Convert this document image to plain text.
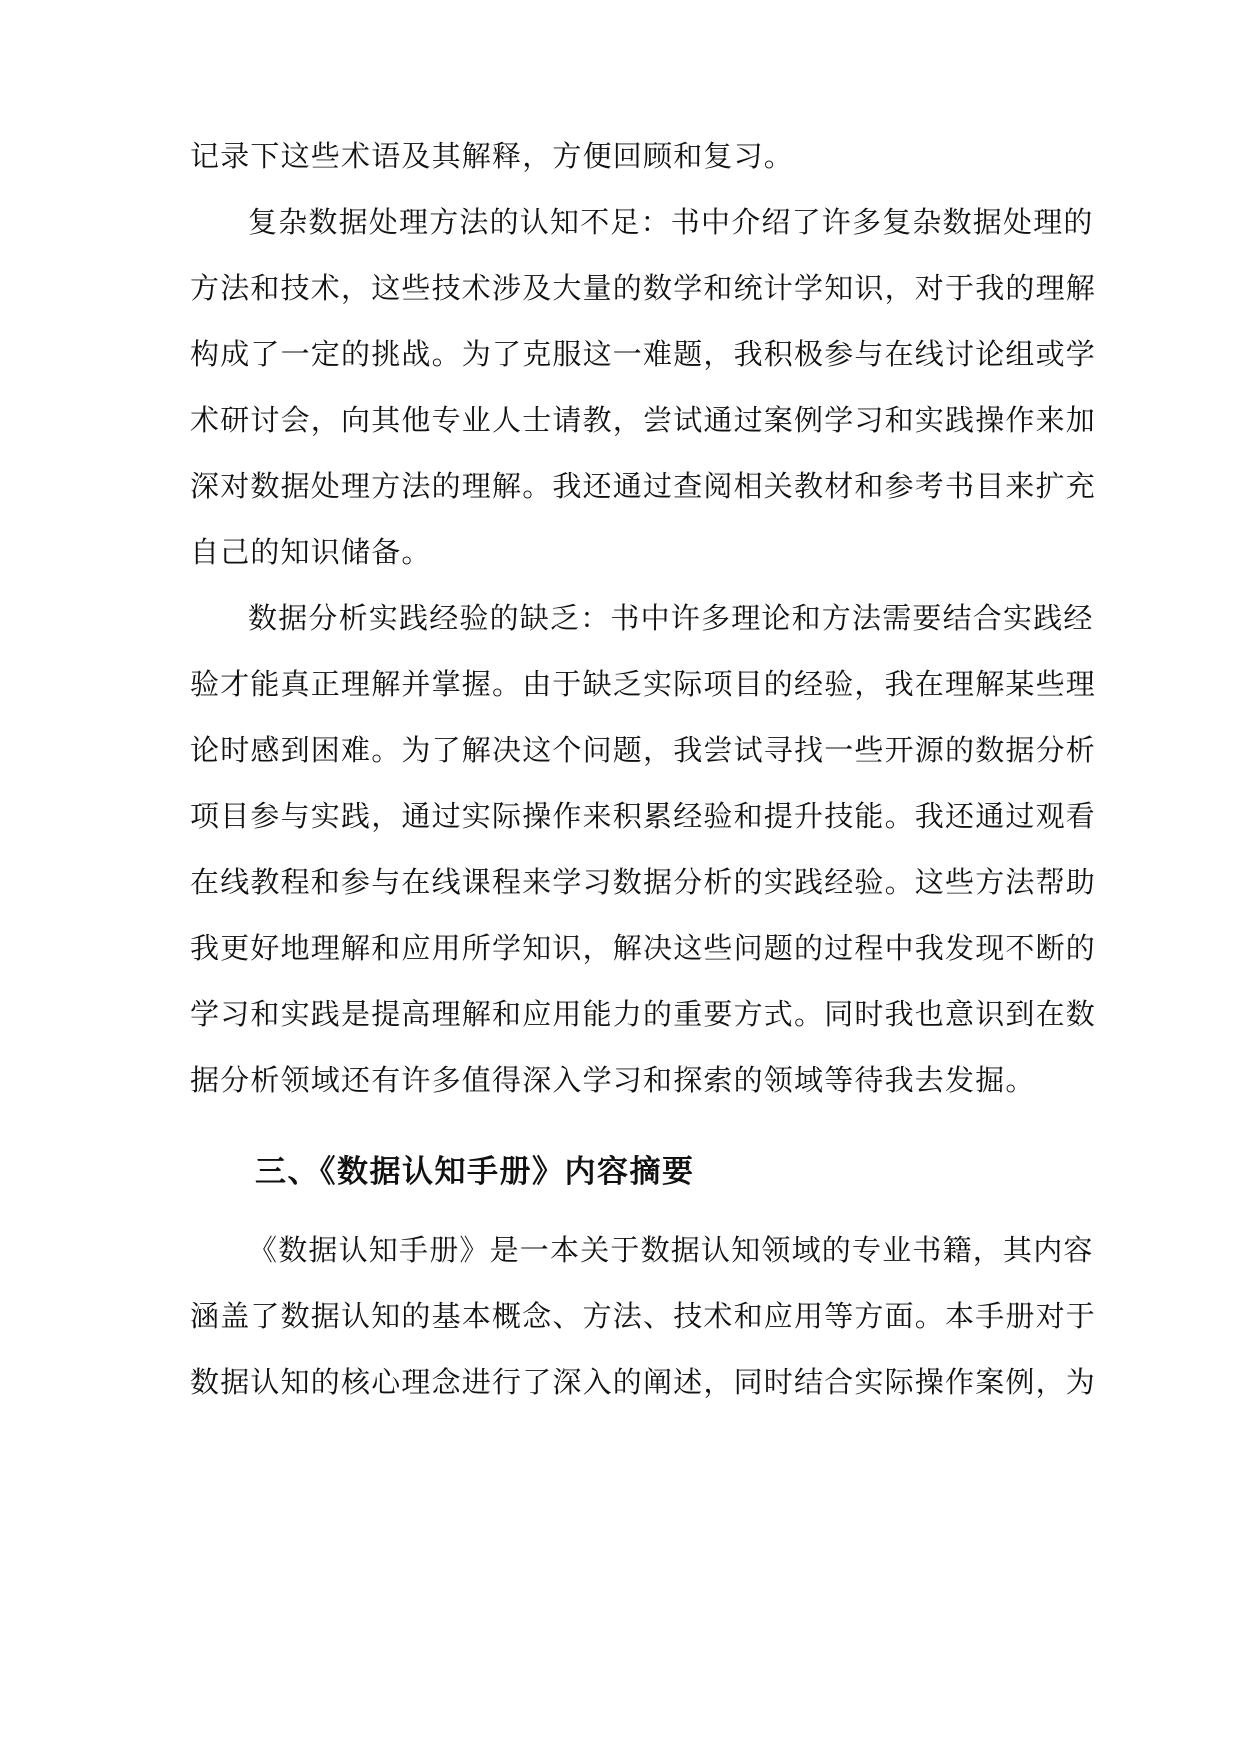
记录下这些术语及其解释，方便回顾和复习。
复杂数据处理方法的认知不足：书中介绍了许多复杂数据处理的
方法和技术，这些技术涉及大量的数学和统计学知识，对于我的理解
构成了一定的挑战。为了克服这一难题，我积极参与在线讨论组或学
术研讨会，向其他专业人士请教，尝试通过案例学习和实践操作来加
深对数据处理方法的理解。我还通过查阅相关教材和参考书目来扩充
自己的知识储备。
数据分析实践经验的缺乏：书中许多理论和方法需要结合实践经
验才能真正理解并掌握。由于缺乏实际项目的经验，我在理解某些理
论时感到困难。为了解决这个问题，我尝试寻找一些开源的数据分析
项目参与实践，通过实际操作来积累经验和提升技能。我还通过观看
在线教程和参与在线课程来学习数据分析的实践经验。这些方法帮助
我更好地理解和应用所学知识，解决这些问题的过程中我发现不断的
学习和实践是提高理解和应用能力的重要方式。同时我也意识到在数
据分析领域还有许多值得深入学习和探索的领域等待我去发掘。
三、《数据认知手册》内容摘要
《数据认知手册》是一本关于数据认知领域的专业书籍，其内容
涵盖了数据认知的基本概念、方法、技术和应用等方面。本手册对于
数据认知的核心理念进行了深入的阐述，同时结合实际操作案例，为
